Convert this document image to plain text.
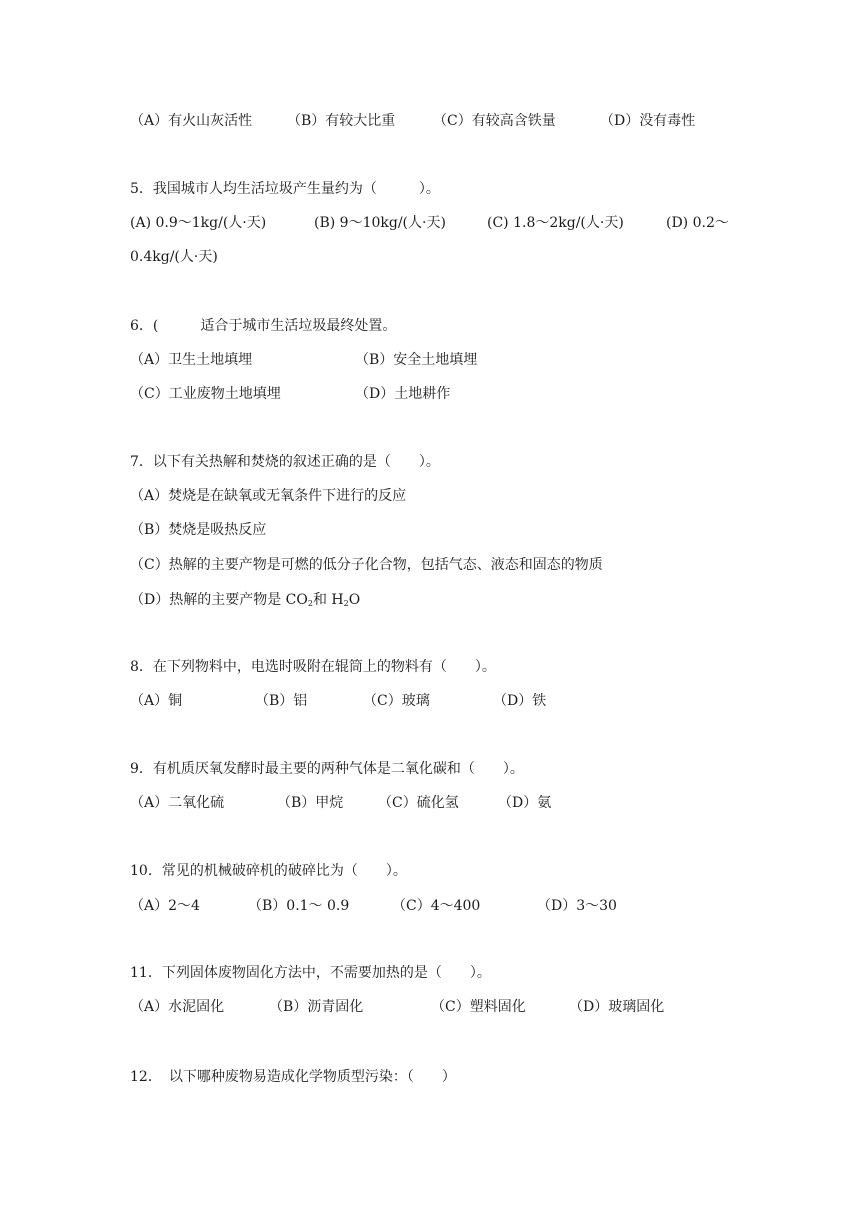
（A）有火山灰活性 （B）有较大比重	（C）有较高含铁量	（D）没有毒性
5．我国城市人均生活垃圾产生量约为（　　　）。
(A) 0.9～1kg/(人·天)	(B) 9～10kg/(人·天)	(C) 1.8～2kg/(人·天)	(D) 0.2～
0.4kg/(人·天)
6．(　　　适合于城市生活垃圾最终处置。
（A）卫生土地填埋	（B）安全土地填埋
（C）工业废物土地填埋	（D）土地耕作
7．以下有关热解和焚烧的叙述正确的是（　　）。
（A）焚烧是在缺氧或无氧条件下进行的反应
（B）焚烧是吸热反应
（C）热解的主要产物是可燃的低分子化合物，包括气态、液态和固态的物质
（D）热解的主要产物是 $CO_2$和 $H_2O$
8．在下列物料中，电选时吸附在辊筒上的物料有（　　）。
（A）铜	（B）铝	（C）玻璃	（D）铁
9．有机质厌氧发酵时最主要的两种气体是二氧化碳和（　　）。
（A）二氧化硫	（B）甲烷 （C）硫化氢	（D）氨
10．常见的机械破碎机的破碎比为（　　）。
（A）2～4	（B）0.1～ 0.9	（C）4～400	（D）3～30
11．下列固体废物固化方法中，不需要加热的是（　　）。
（A）水泥固化	（B）沥青固化	（C）塑料固化	（D）玻璃固化
12．　以下哪种废物易造成化学物质型污染：（　　）
